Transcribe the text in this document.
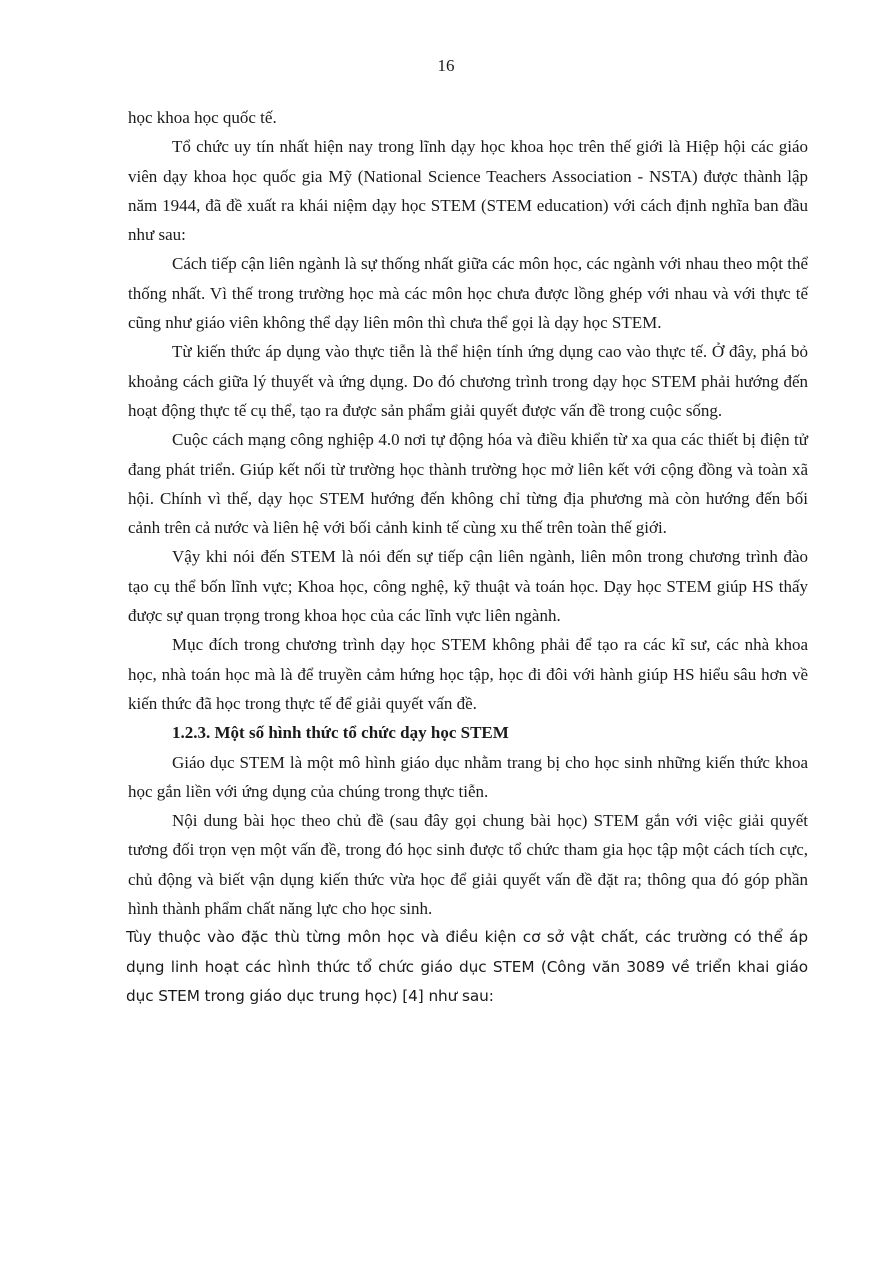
16

học khoa học quốc tế.

Tổ chức uy tín nhất hiện nay trong lĩnh dạy học khoa học trên thế giới là Hiệp hội các giáo viên dạy khoa học quốc gia Mỹ (National Science Teachers Association - NSTA) được thành lập năm 1944, đã đề xuất ra khái niệm dạy học STEM (STEM education) với cách định nghĩa ban đầu như sau:

Cách tiếp cận liên ngành là sự thống nhất giữa các môn học, các ngành với nhau theo một thể thống nhất. Vì thế trong trường học mà các môn học chưa được lồng ghép với nhau và với thực tế cũng như giáo viên không thể dạy liên môn thì chưa thể gọi là dạy học STEM.

Từ kiến thức áp dụng vào thực tiễn là thể hiện tính ứng dụng cao vào thực tế. Ở đây, phá bỏ khoảng cách giữa lý thuyết và ứng dụng. Do đó chương trình trong dạy học STEM phải hướng đến hoạt động thực tế cụ thể, tạo ra được sản phẩm giải quyết được vấn đề trong cuộc sống.

Cuộc cách mạng công nghiệp 4.0 nơi tự động hóa và điều khiển từ xa qua các thiết bị điện tử đang phát triển. Giúp kết nối từ trường học thành trường học mở liên kết với cộng đồng và toàn xã hội. Chính vì thế, dạy học STEM hướng đến không chỉ từng địa phương mà còn hướng đến bối cảnh trên cả nước và liên hệ với bối cảnh kinh tế cùng xu thế trên toàn thế giới.

Vậy khi nói đến STEM là nói đến sự tiếp cận liên ngành, liên môn trong chương trình đào tạo cụ thể bốn lĩnh vực; Khoa học, công nghệ, kỹ thuật và toán học. Dạy học STEM giúp HS thấy được sự quan trọng trong khoa học của các lĩnh vực liên ngành.

Mục đích trong chương trình dạy học STEM không phải để tạo ra các kĩ sư, các nhà khoa học, nhà toán học mà là để truyền cảm hứng học tập, học đi đôi với hành giúp HS hiểu sâu hơn về kiến thức đã học trong thực tế để giải quyết vấn đề.

1.2.3. Một số hình thức tổ chức dạy học STEM

Giáo dục STEM là một mô hình giáo dục nhằm trang bị cho học sinh những kiến thức khoa học gắn liền với ứng dụng của chúng trong thực tiễn.

Nội dung bài học theo chủ đề (sau đây gọi chung bài học) STEM gắn với việc giải quyết tương đối trọn vẹn một vấn đề, trong đó học sinh được tổ chức tham gia học tập một cách tích cực, chủ động và biết vận dụng kiến thức vừa học để giải quyết vấn đề đặt ra; thông qua đó góp phần hình thành phẩm chất năng lực cho học sinh.

Tùy thuộc vào đặc thù từng môn học và điều kiện cơ sở vật chất, các trường có thể áp dụng linh hoạt các hình thức tổ chức giáo dục STEM (Công văn 3089 về triển khai giáo dục STEM trong giáo dục trung học) [4] như sau:
